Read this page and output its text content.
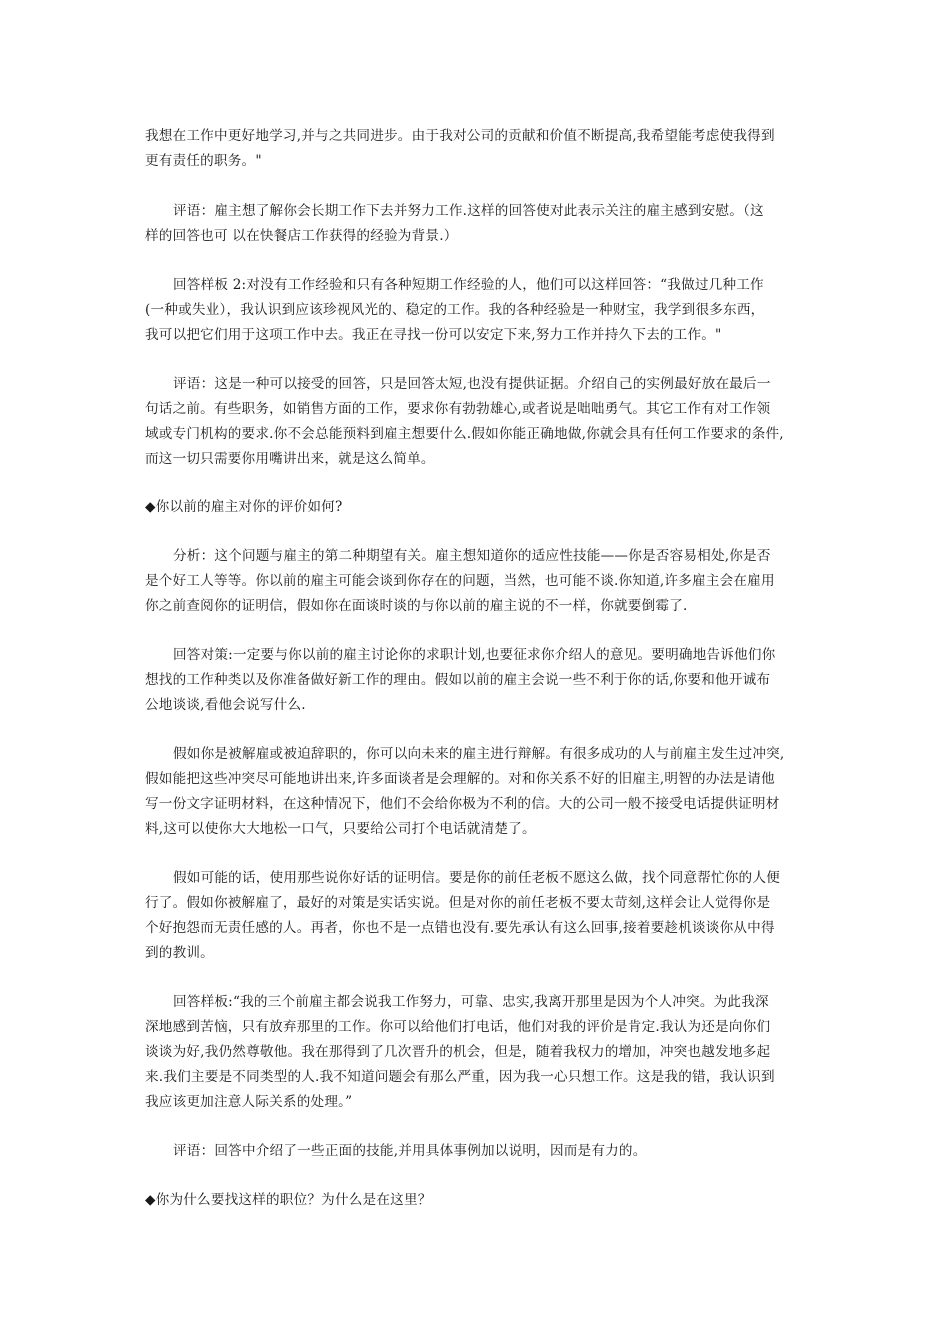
我想在工作中更好地学习,并与之共同进步。由于我对公司的贡献和价值不断提高,我希望能考虑使我得到
更有责任的职务。"
评语：雇主想了解你会长期工作下去并努力工作.这样的回答使对此表示关注的雇主感到安慰。（这
样的回答也可 以在快餐店工作获得的经验为背景.）
回答样板 2:对没有工作经验和只有各种短期工作经验的人，他们可以这样回答：“我做过几种工作
(一种或失业），我认识到应该珍视风光的、稳定的工作。我的各种经验是一种财宝，我学到很多东西，
我可以把它们用于这项工作中去。我正在寻找一份可以安定下来,努力工作并持久下去的工作。"
评语：这是一种可以接受的回答，只是回答太短,也没有提供证据。介绍自己的实例最好放在最后一
句话之前。有些职务，如销售方面的工作，要求你有勃勃雄心,或者说是咄咄勇气。其它工作有对工作领
域或专门机构的要求.你不会总能预料到雇主想要什么.假如你能正确地做,你就会具有任何工作要求的条件,
而这一切只需要你用嘴讲出来，就是这么简单。
◆你以前的雇主对你的评价如何?
分析：这个问题与雇主的第二种期望有关。雇主想知道你的适应性技能——你是否容易相处,你是否
是个好工人等等。你以前的雇主可能会谈到你存在的问题，当然，也可能不谈.你知道,许多雇主会在雇用
你之前查阅你的证明信，假如你在面谈时谈的与你以前的雇主说的不一样，你就要倒霉了.
回答对策:一定要与你以前的雇主讨论你的求职计划,也要征求你介绍人的意见。要明确地告诉他们你
想找的工作种类以及你准备做好新工作的理由。假如以前的雇主会说一些不利于你的话,你要和他开诚布
公地谈谈,看他会说写什么.
假如你是被解雇或被迫辞职的，你可以向未来的雇主进行辩解。有很多成功的人与前雇主发生过冲突,
假如能把这些冲突尽可能地讲出来,许多面谈者是会理解的。对和你关系不好的旧雇主,明智的办法是请他
写一份文字证明材料，在这种情况下，他们不会给你极为不利的信。大的公司一般不接受电话提供证明材
料,这可以使你大大地松一口气，只要给公司打个电话就清楚了。
假如可能的话，使用那些说你好话的证明信。要是你的前任老板不愿这么做，找个同意帮忙你的人便
行了。假如你被解雇了，最好的对策是实话实说。但是对你的前任老板不要太苛刻,这样会让人觉得你是
个好抱怨而无责任感的人。再者，你也不是一点错也没有.要先承认有这么回事,接着要趁机谈谈你从中得
到的教训。
回答样板:“我的三个前雇主都会说我工作努力，可靠、忠实,我离开那里是因为个人冲突。为此我深
深地感到苦恼，只有放弃那里的工作。你可以给他们打电话，他们对我的评价是肯定.我认为还是向你们
谈谈为好,我仍然尊敬他。我在那得到了几次晋升的机会，但是，随着我权力的增加，冲突也越发地多起
来.我们主要是不同类型的人.我不知道问题会有那么严重，因为我一心只想工作。这是我的错，我认识到
我应该更加注意人际关系的处理。”
评语：回答中介绍了一些正面的技能,并用具体事例加以说明，因而是有力的。
◆你为什么要找这样的职位？为什么是在这里？
